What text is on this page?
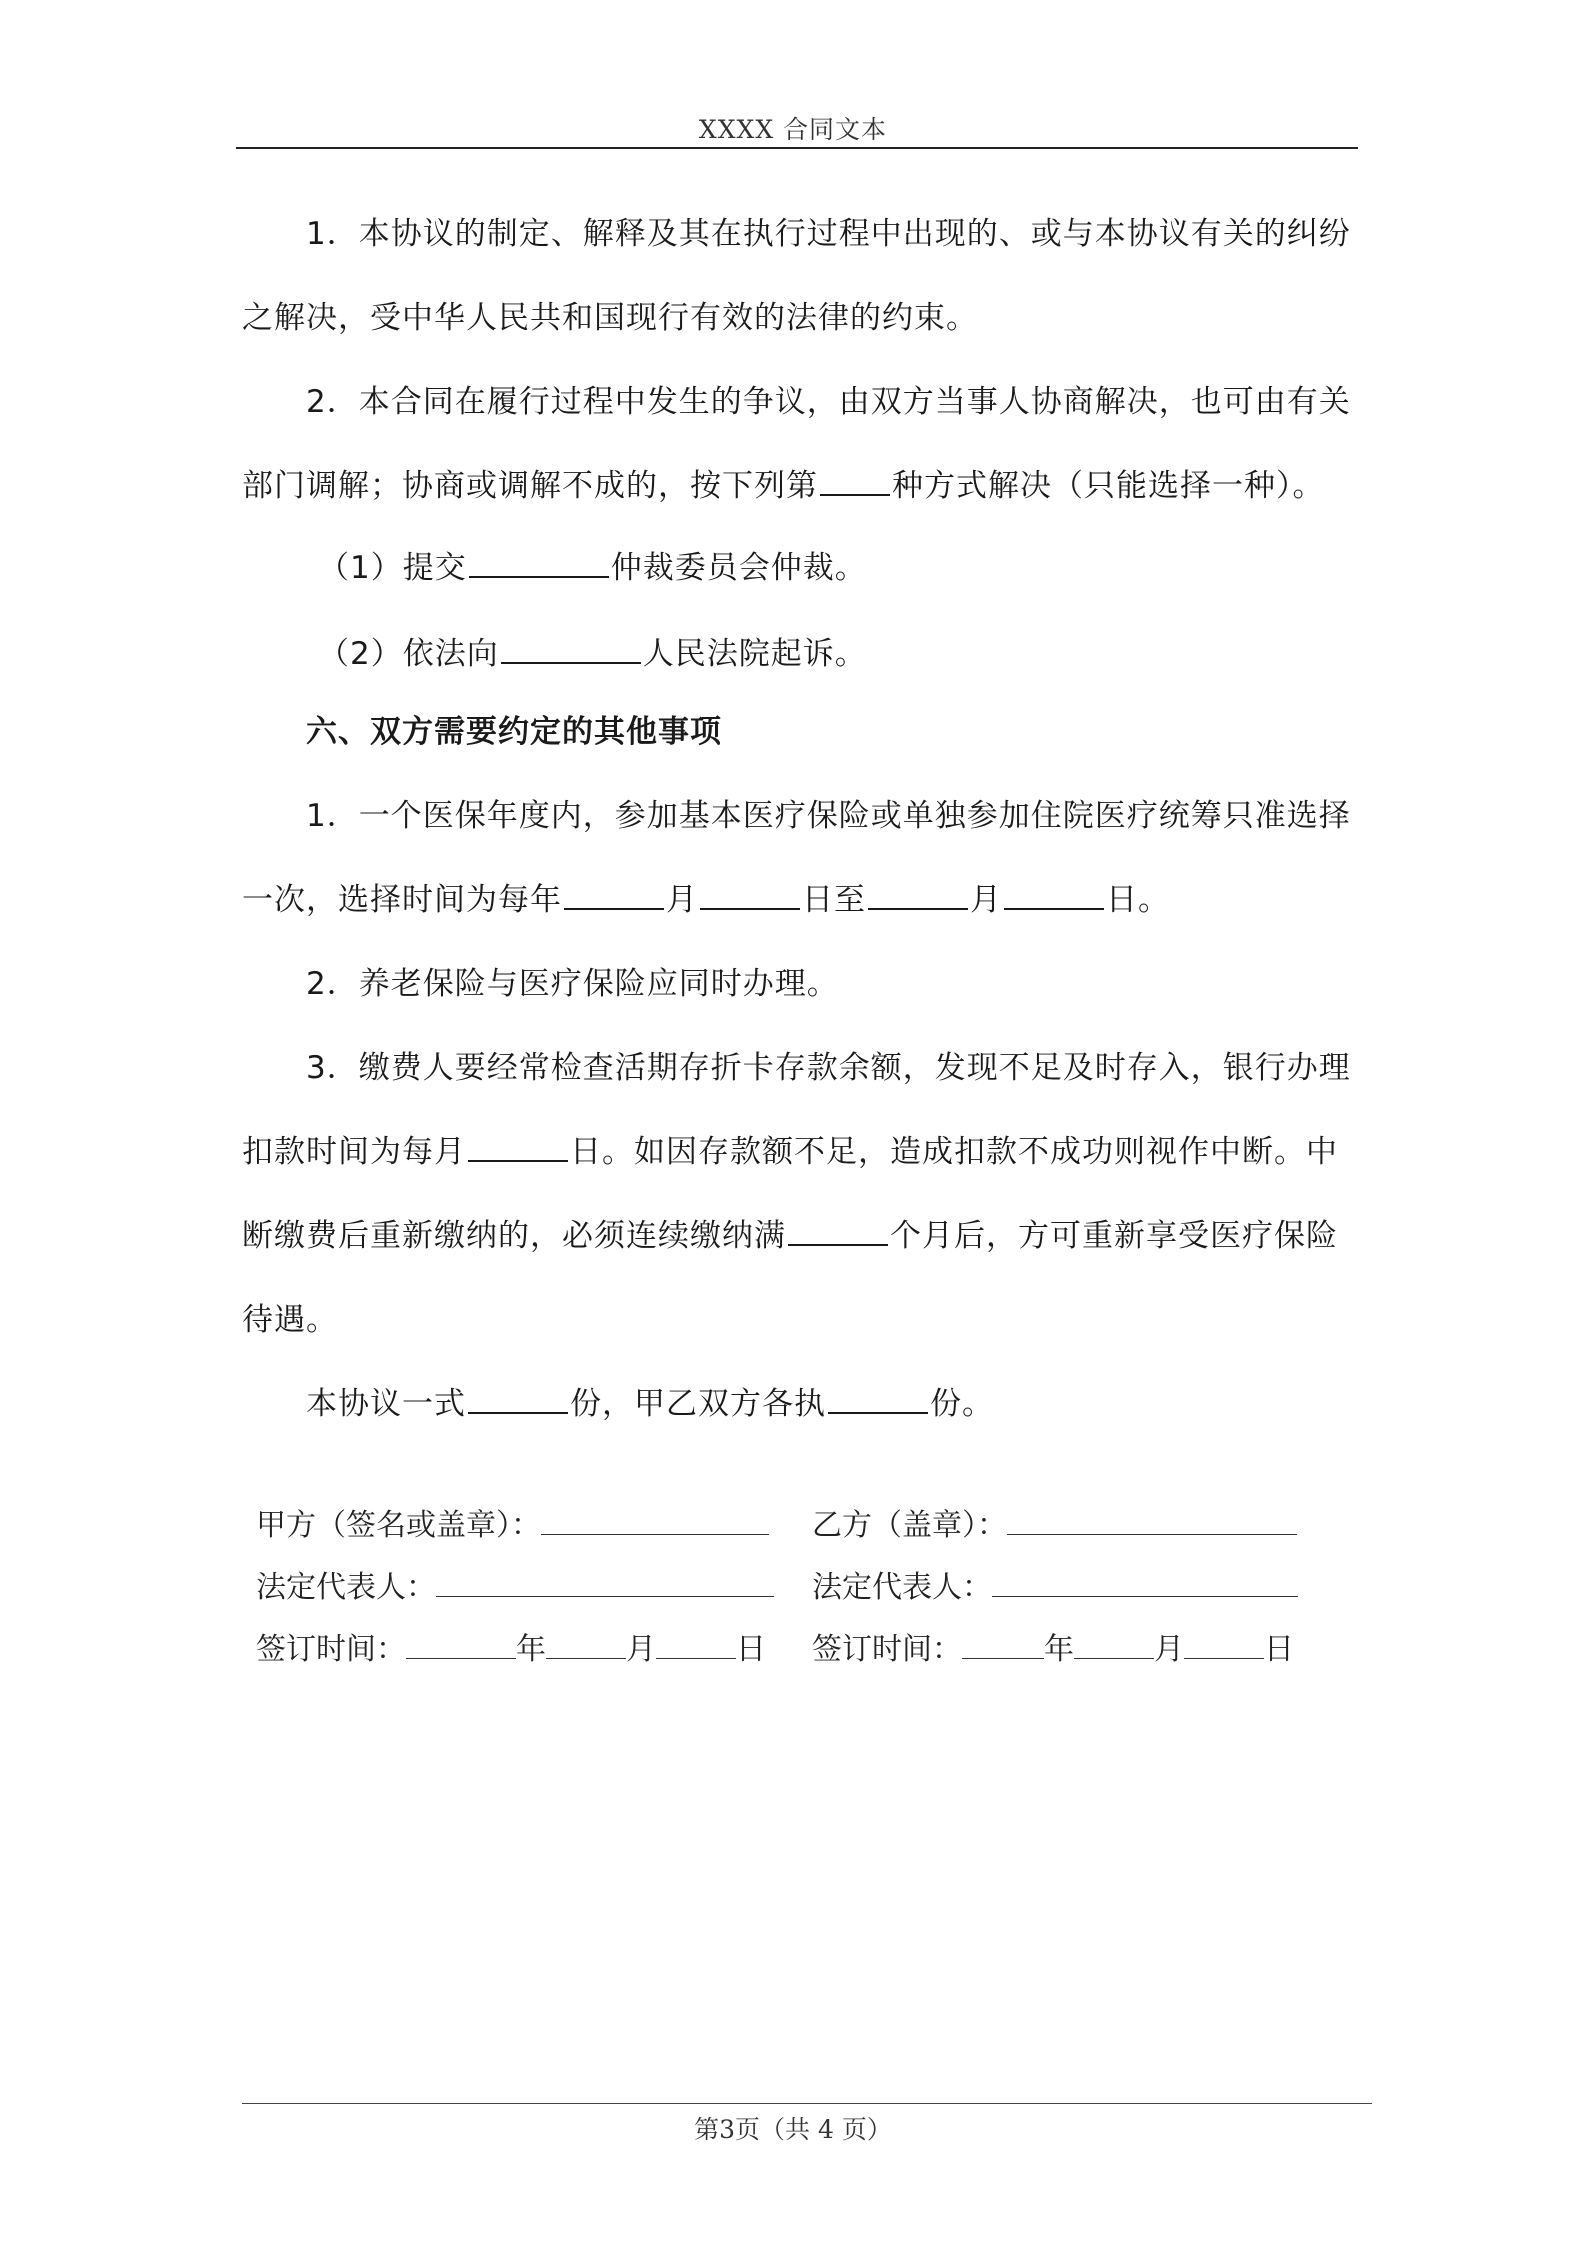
XXXX 合同文本
1．本协议的制定、解释及其在执行过程中出现的、或与本协议有关的纠纷
之解决，受中华人民共和国现行有效的法律的约束。
2．本合同在履行过程中发生的争议，由双方当事人协商解决，也可由有关
部门调解；协商或调解不成的，按下列第 种方式解决（只能选择一种）。
（1）提交	仲裁委员会仲裁。
（2）依法向	人民法院起诉。
六、双方需要约定的其他事项
1．一个医保年度内，参加基本医疗保险或单独参加住院医疗统筹只准选择
一次，选择时间为每年	月	日至	月	日。
2．养老保险与医疗保险应同时办理。
3．缴费人要经常检查活期存折卡存款余额，发现不足及时存入，银行办理
扣款时间为每月	日。如因存款额不足，造成扣款不成功则视作中断。中
断缴费后重新缴纳的，必须连续缴纳满	个月后，方可重新享受医疗保险
待遇。
本协议一式	份，甲乙双方各执	份。
甲方（签名或盖章）：	乙方（盖章）：
法定代表人：	法定代表人：
签订时间：	年	月	日 签订时间：	年	月	日
第3页（共 4 页）
